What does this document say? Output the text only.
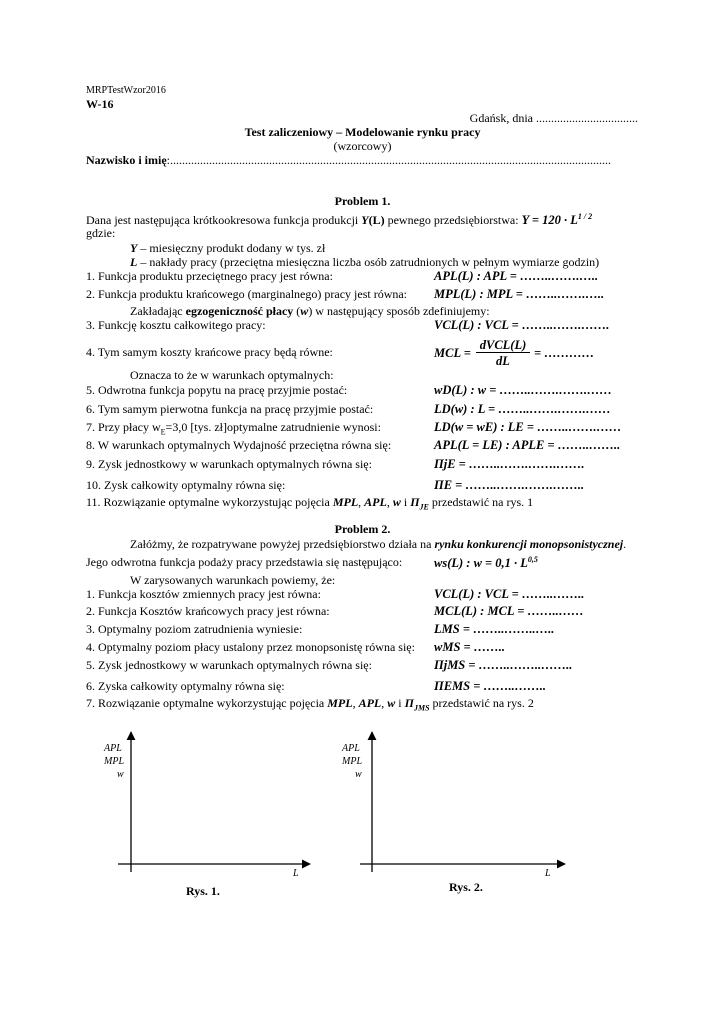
MRPTestWzor2016
W-16
Gdańsk, dnia ..................................
Test zaliczeniowy – Modelowanie rynku pracy
(wzorcowy)
Nazwisko i imię:...................................................................................................................................................
Problem 1.
Dana jest następująca krótkookresowa funkcja produkcji Y(L) pewnego przedsiębiorstwa: $Y = 120 \cdot L^{1 / 2}$
gdzie:
Y – miesięczny produkt dodany w tys. zł
L – nakłady pracy (przeciętna miesięczna liczba osób zatrudnionych w pełnym wymiarze godzin)
1. Funkcja produktu przeciętnego pracy jest równa:	APL(L) : APL = ……..…….…..
2. Funkcja produktu krańcowego (marginalnego) pracy jest równa: MPL(L) : MPL = ……..…….…..
Zakładając egzogeniczność płacy (w) w następujący sposób zdefiniujemy:
3. Funkcję kosztu całkowitego pracy:	VCL(L) : VCL = ……..…….…….
4. Tym samym koszty krańcowe pracy będą równe:	MCL =
dVCL(L)
dL
= …………
Oznacza to że w warunkach optymalnych:
5. Odwrotna funkcja popytu na pracę przyjmie postać:	wD(L) : w = ……..…….…….……
6. Tym samym pierwotna funkcja na pracę przyjmie postać:	LD(w) : L = ……..…….…….……
7. Przy płacy $w_E=3,0$ [tys. zł]optymalne zatrudnienie wynosi:	LD(w = wE) : LE = ……..…….……
8. W warunkach optymalnych Wydajność przeciętna równa się:	APL(L = LE) : APLE = ……..……..
9. Zysk jednostkowy w warunkach optymalnych równa się:	ΠjE = ……..…….…….…….
10. Zysk całkowity optymalny równa się:	ΠE = ……..…….…….……..
11. Rozwiązanie optymalne wykorzystując pojęcia MPL, APL, w i $\Pi_{JE}$ przedstawić na rys. 1
Problem 2.
Załóżmy, że rozpatrywane powyżej przedsiębiorstwo działa na rynku konkurencji monopsonistycznej.
Jego odwrotna funkcja podaży pracy przedstawia się następująco:	ws(L) : w = 0,1 · L$^{0,5}$
W zarysowanych warunkach powiemy, że:
1. Funkcja kosztów zmiennych pracy jest równa:	VCL(L) : VCL = ……..……..
2. Funkcja Kosztów krańcowych pracy jest równa:	MCL(L) : MCL = ……..……
3. Optymalny poziom zatrudnienia wyniesie:	LMS = ……..……..…..
4. Optymalny poziom płacy ustalony przez monopsonistę równa się: wMS = ……..
5. Zysk jednostkowy w warunkach optymalnych równa się:	ΠjMS = ……..……..……..
6. Zyska całkowity optymalny równa się:	ΠEMS = ……..……..
7. Rozwiązanie optymalne wykorzystując pojęcia MPL, APL, w i $\Pi_{JMS}$ przedstawić na rys. 2
APL
MPL
w
L
Rys. 1.
APL
MPL
w
L
Rys. 2.
